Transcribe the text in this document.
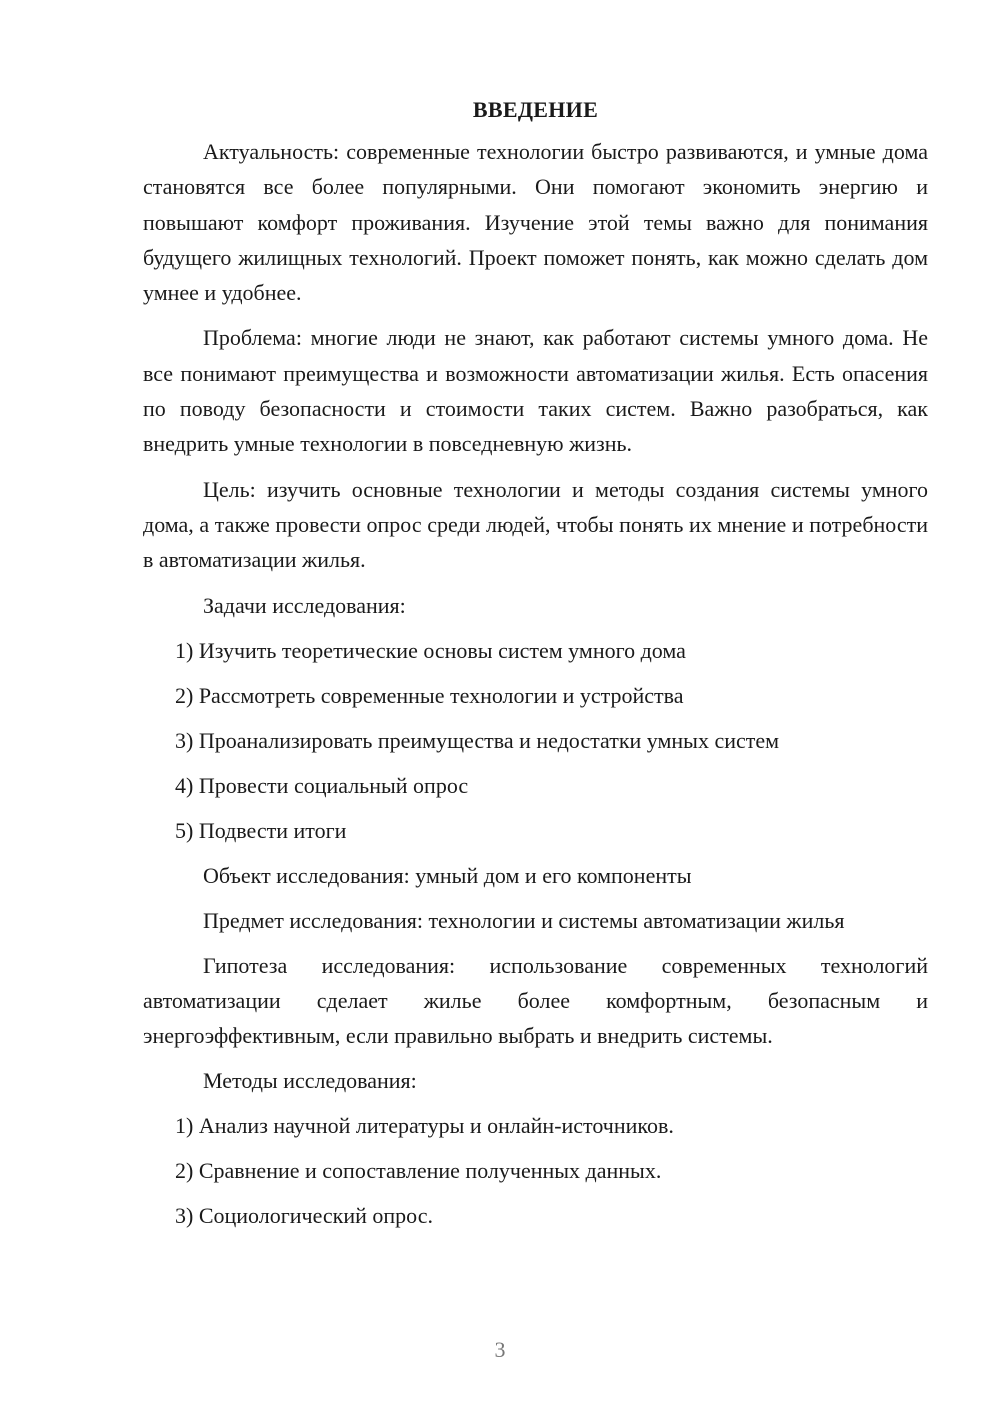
ВВЕДЕНИЕ

Актуальность: современные технологии быстро развиваются, и умные дома становятся все более популярными. Они помогают экономить энергию и повышают комфорт проживания. Изучение этой темы важно для понимания будущего жилищных технологий. Проект поможет понять, как можно сделать дом умнее и удобнее.

Проблема: многие люди не знают, как работают системы умного дома. Не все понимают преимущества и возможности автоматизации жилья. Есть опасения по поводу безопасности и стоимости таких систем. Важно разобраться, как внедрить умные технологии в повседневную жизнь.

Цель: изучить основные технологии и методы создания системы умного дома, а также провести опрос среди людей, чтобы понять их мнение и потребности в автоматизации жилья.

Задачи исследования:
1) Изучить теоретические основы систем умного дома
2) Рассмотреть современные технологии и устройства
3) Проанализировать преимущества и недостатки умных систем
4) Провести социальный опрос
5) Подвести итоги
Объект исследования: умный дом и его компоненты
Предмет исследования: технологии и системы автоматизации жилья

Гипотеза исследования: использование современных технологий автоматизации сделает жилье более комфортным, безопасным и энергоэффективным, если правильно выбрать и внедрить системы.

Методы исследования:
1) Анализ научной литературы и онлайн-источников.
2) Сравнение и сопоставление полученных данных.
3) Социологический опрос.
3
